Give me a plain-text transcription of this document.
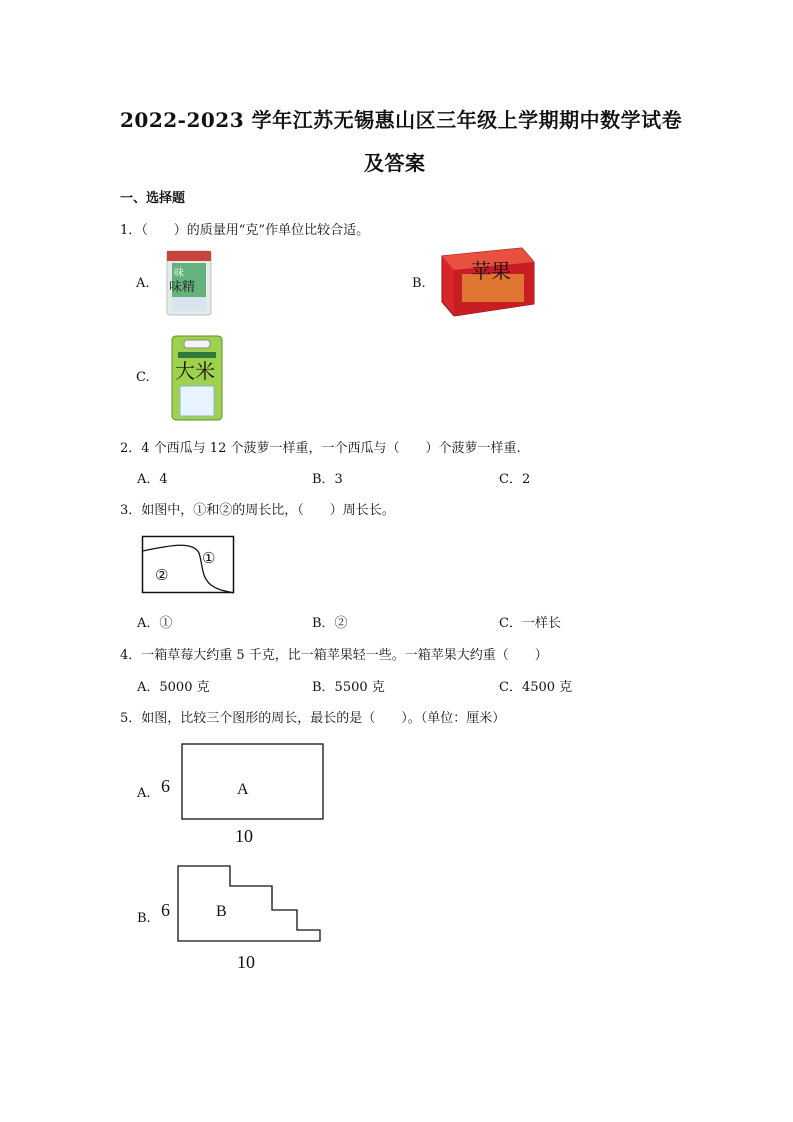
2022-2023 学年江苏无锡惠山区三年级上学期期中数学试卷
及答案
一、选择题
1．（　　）的质量用“克”作单位比较合适。
A.
味
味精	B.
苹果
C. 大米
2．4 个西瓜与 12 个菠萝一样重，一个西瓜与（　　）个菠萝一样重.
A．4	B．3	C．2
3．如图中，①和②的周长比，（　　）周长长。
①
②
A．①	B．②	C．一样长
4．一箱草莓大约重 5 千克，比一箱苹果轻一些。一箱苹果大约重（　　）
A．5000 克	B．5500 克	C．4500 克
5．如图，比较三个图形的周长，最长的是（　　）。（单位：厘米）
A. 6	A
10
B. 6	B
10
